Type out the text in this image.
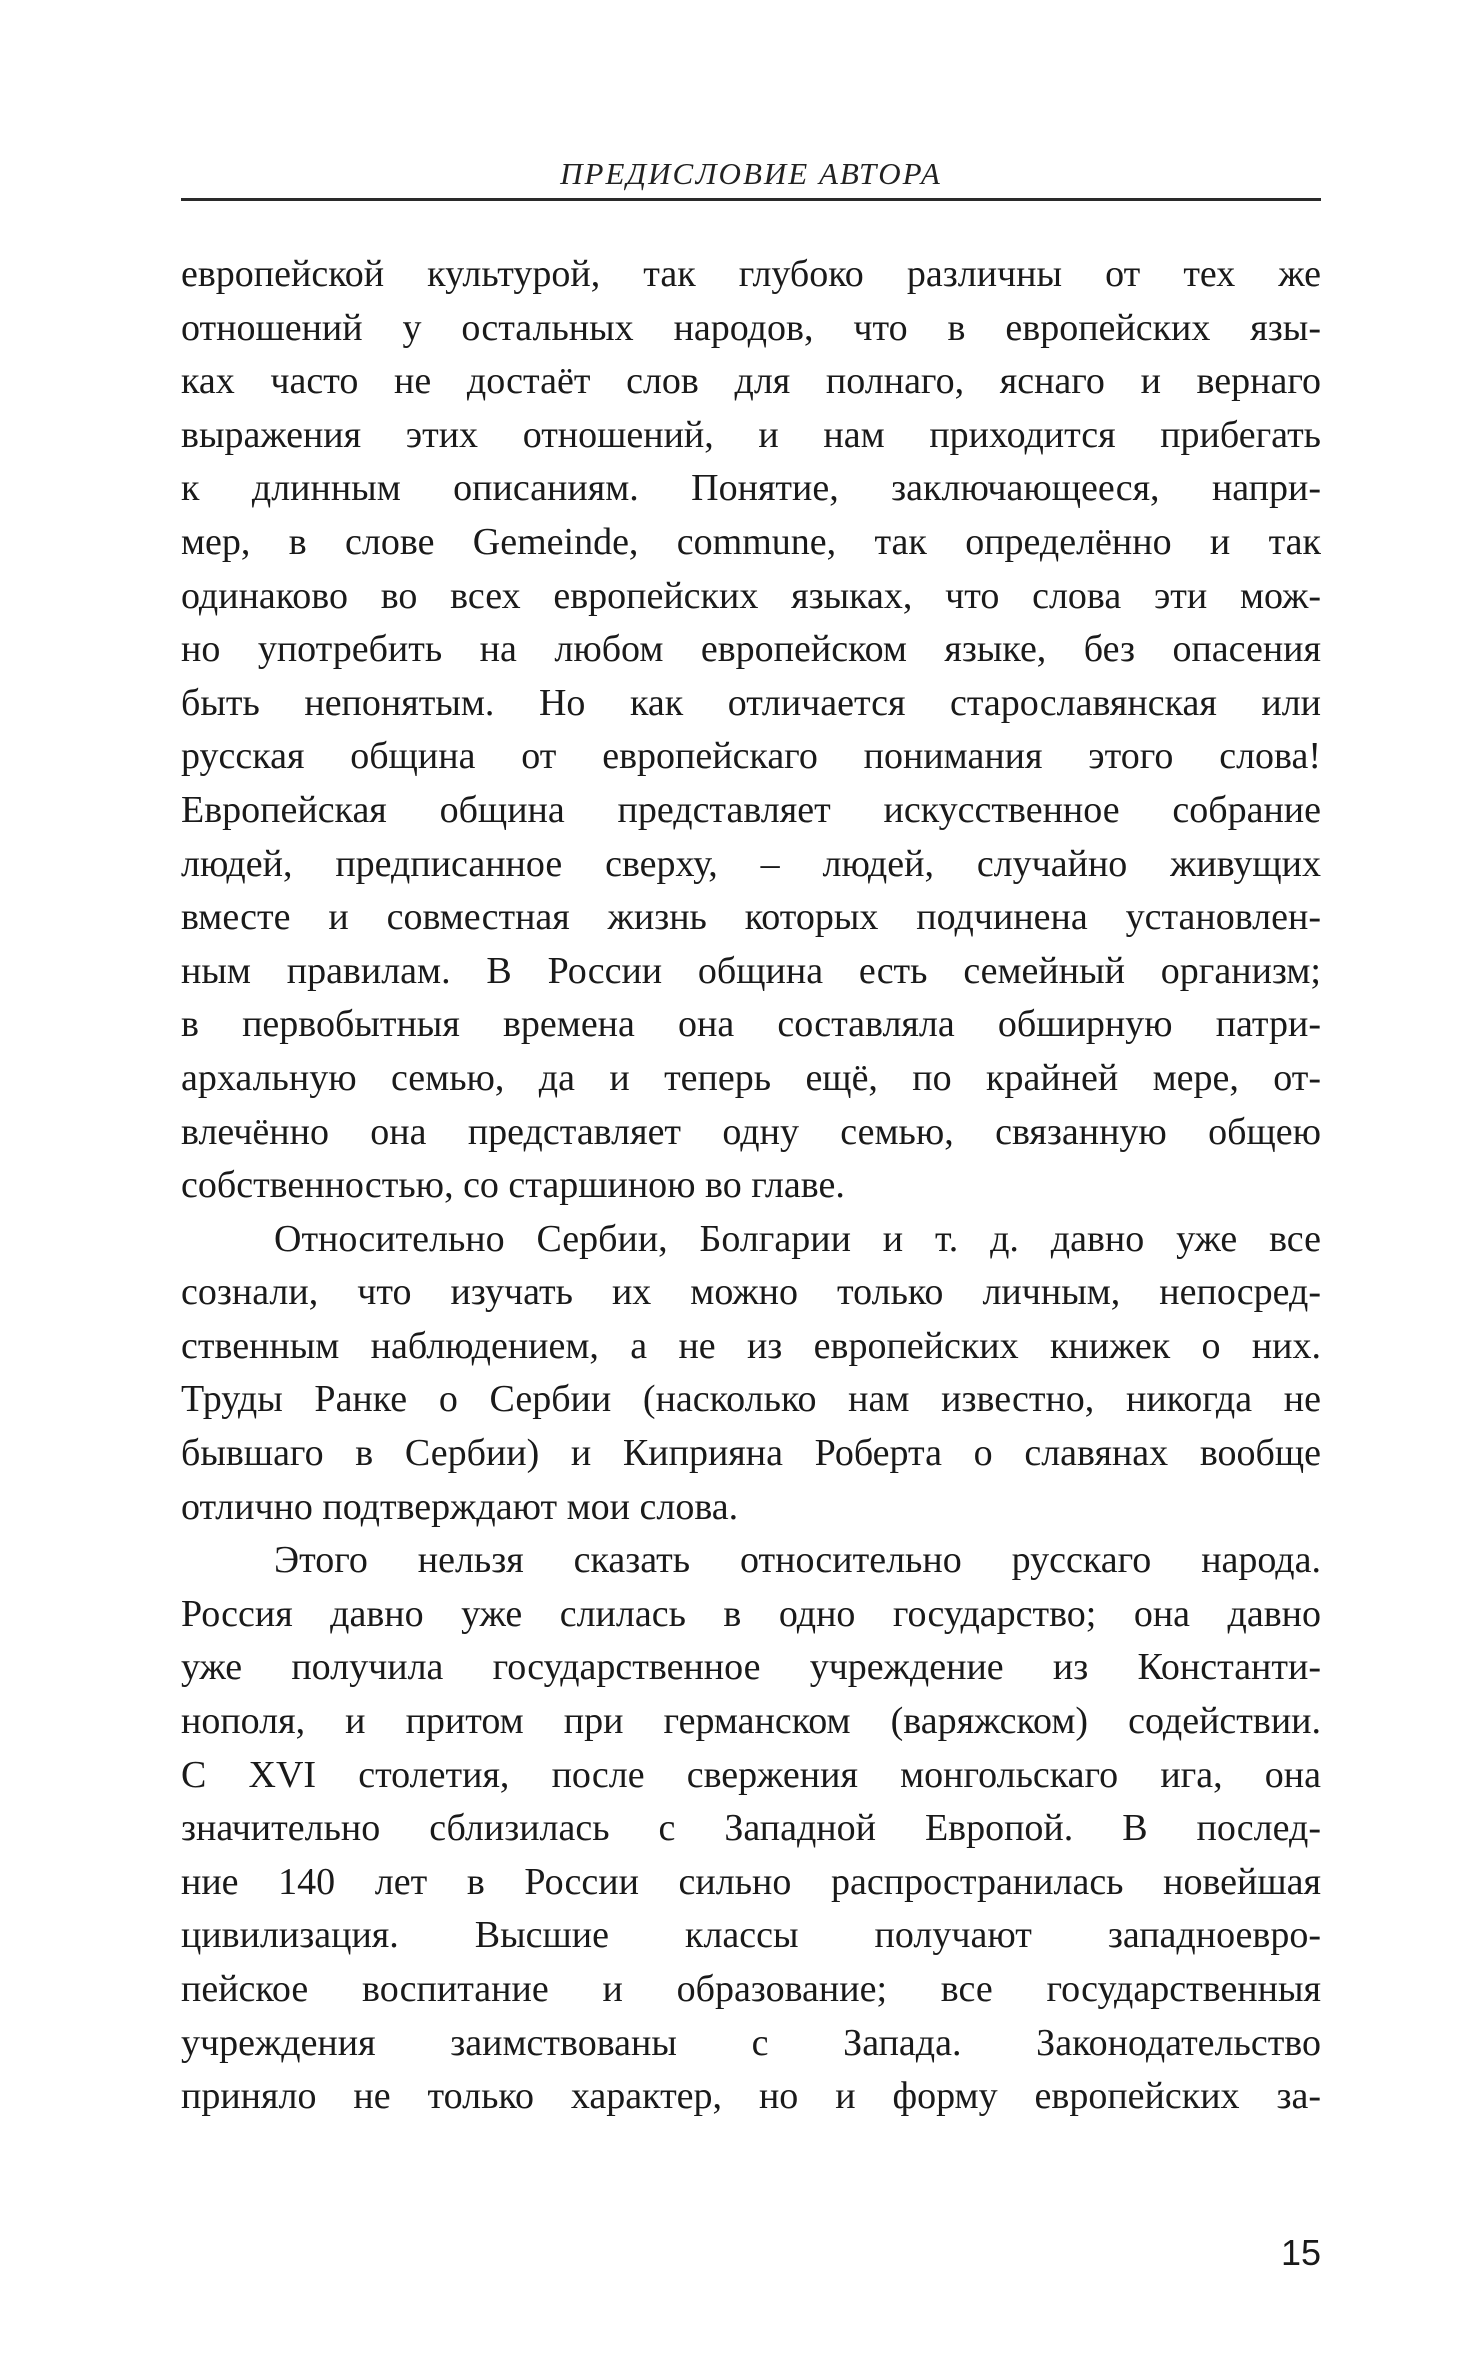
ПРЕДИСЛОВИЕ АВТОРА
европейской культурой, так глубоко различны от тех же
отношений у остальных народов, что в европейских язы-
ках часто не достаёт слов для полнаго, яснаго и вернаго
выражения этих отношений, и нам приходится прибегать
к длинным описаниям. Понятие, заключающееся, напри-
мер, в слове Gemeinde, commune, так определённо и так
одинаково во всех европейских языках, что слова эти мож-
но употребить на любом европейском языке, без опасения
быть непонятым. Но как отличается старославянская или
русская община от европейскаго понимания этого слова!
Европейская община представляет искусственное собрание
людей, предписанное сверху, – людей, случайно живущих
вместе и совместная жизнь которых подчинена установлен-
ным правилам. В России община есть семейный организм;
в первобытныя времена она составляла обширную патри-
архальную семью, да и теперь ещё, по крайней мере, от-
влечённо она представляет одну семью, связанную общею
собственностью, со старшиною во главе.
Относительно Сербии, Болгарии и т. д. давно уже все
сознали, что изучать их можно только личным, непосред-
ственным наблюдением, а не из европейских книжек о них.
Труды Ранке о Сербии (насколько нам известно, никогда не
бывшаго в Сербии) и Киприяна Роберта о славянах вообще
отлично подтверждают мои слова.
Этого нельзя сказать относительно русскаго народа.
Россия давно уже слилась в одно государство; она давно
уже получила государственное учреждение из Константи-
нополя, и притом при германском (варяжском) содействии.
С XVI столетия, после свержения монгольскаго ига, она
значительно сблизилась с Западной Европой. В послед-
ние 140 лет в России сильно распространилась новейшая
цивилизация. Высшие классы получают западноевро-
пейское воспитание и образование; все государственныя
учреждения заимствованы с Запада. Законодательство
приняло не только характер, но и форму европейских за-
15
